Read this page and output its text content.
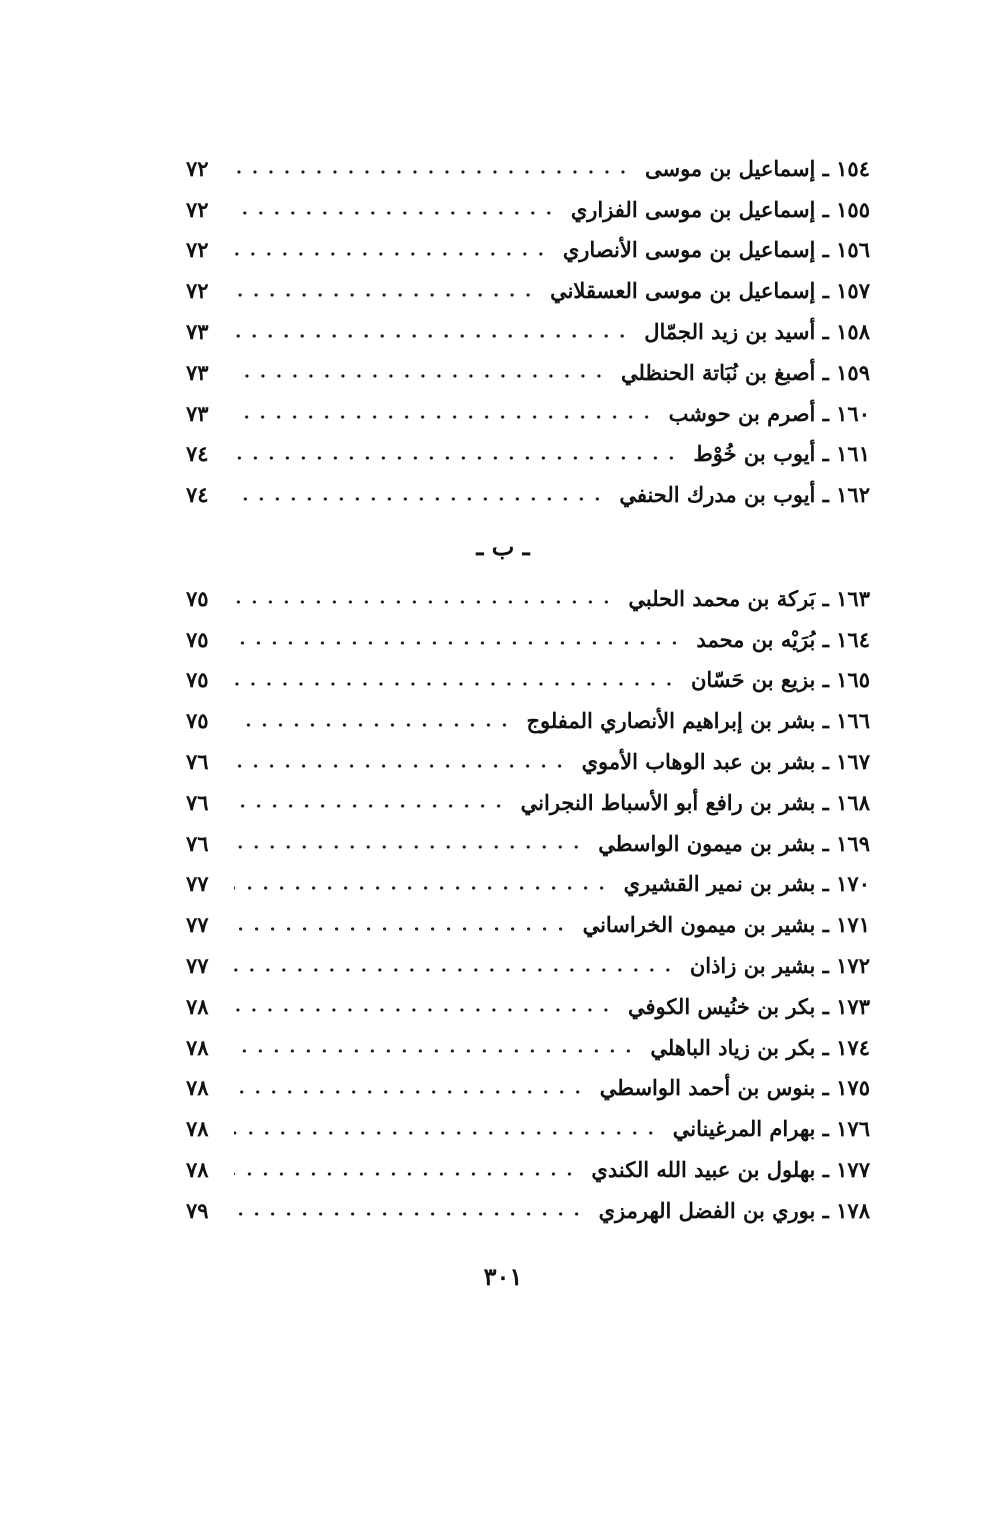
١٥٤ ـ إسماعيل بن موسى
٧٢
١٥٥ ـ إسماعيل بن موسى الفزاري
٧٢
١٥٦ ـ إسماعيل بن موسى الأنصاري
٧٢
١٥٧ ـ إسماعيل بن موسى العسقلاني
٧٢
١٥٨ ـ أسيد بن زيد الجمّال
٧٣
١٥٩ ـ أصبغ بن نُبَاتة الحنظلي
٧٣
١٦٠ ـ أصرم بن حوشب
٧٣
١٦١ ـ أيوب بن خُوْط
٧٤
١٦٢ ـ أيوب بن مدرك الحنفي
٧٤
ـ ب ـ
١٦٣ ـ بَركة بن محمد الحلبي
٧٥
١٦٤ ـ بُرَيْه بن محمد
٧٥
١٦٥ ـ بزيع بن حَسّان
٧٥
١٦٦ ـ بشر بن إبراهيم الأنصاري المفلوج
٧٥
١٦٧ ـ بشر بن عبد الوهاب الأموي
٧٦
١٦٨ ـ بشر بن رافع أبو الأسباط النجراني
٧٦
١٦٩ ـ بشر بن ميمون الواسطي
٧٦
١٧٠ ـ بشر بن نمير القشيري
٧٧
١٧١ ـ بشير بن ميمون الخراساني
٧٧
١٧٢ ـ بشير بن زاذان
٧٧
١٧٣ ـ بكر بن خنُيس الكوفي
٧٨
١٧٤ ـ بكر بن زياد الباهلي
٧٨
١٧٥ ـ بنوس بن أحمد الواسطي
٧٨
١٧٦ ـ بهرام المرغيناني
٧٨
١٧٧ ـ بهلول بن عبيد الله الكندي
٧٨
١٧٨ ـ بوري بن الفضل الهرمزي
٧٩
٣٠١
